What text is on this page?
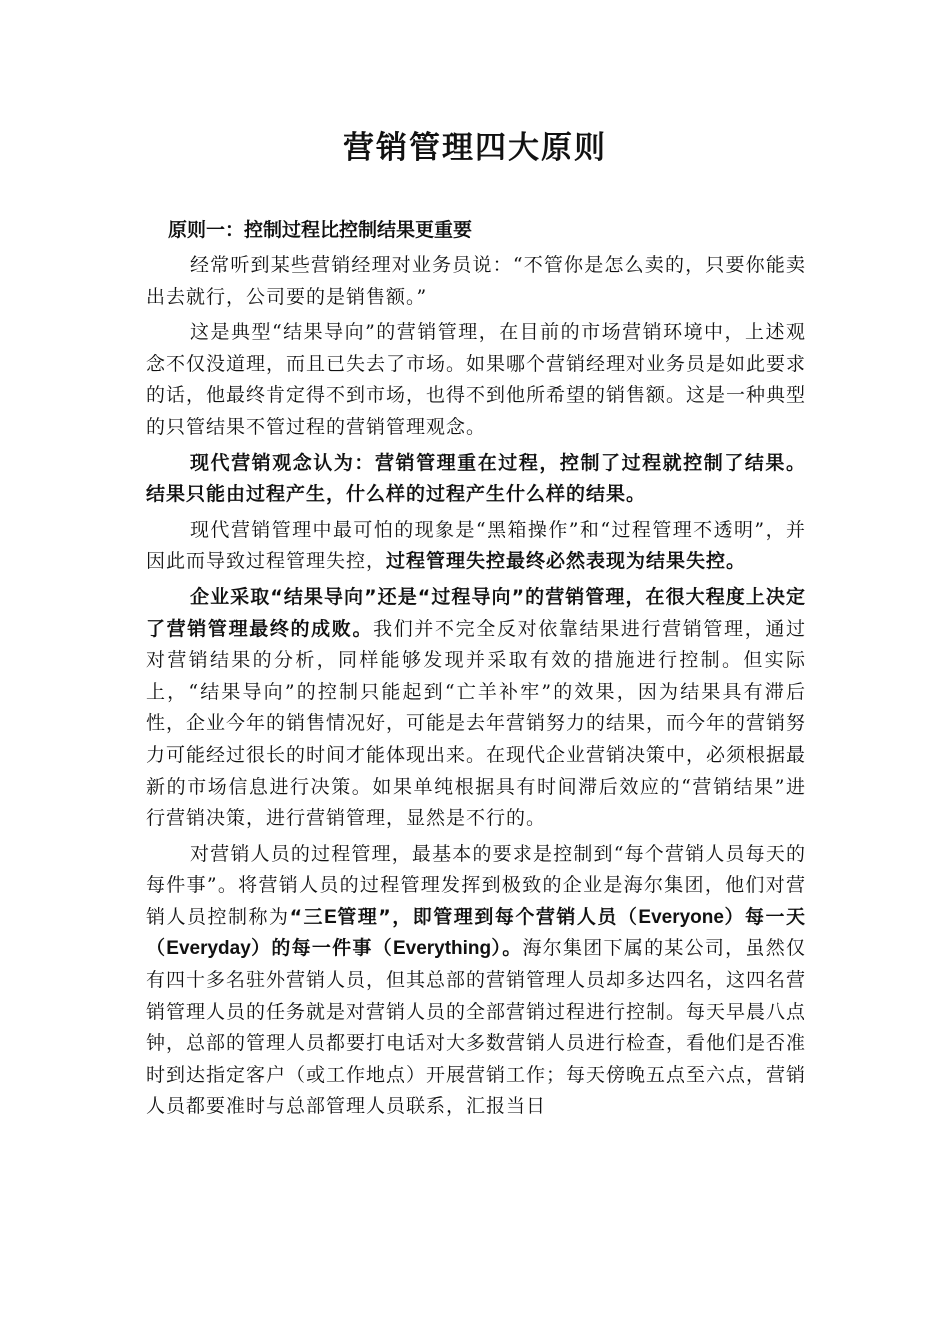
营销管理四大原则

原则一：控制过程比控制结果更重要

经常听到某些营销经理对业务员说：“不管你是怎么卖的，只要你能卖出去就行，公司要的是销售额。”

这是典型“结果导向”的营销管理，在目前的市场营销环境中，上述观念不仅没道理，而且已失去了市场。如果哪个营销经理对业务员是如此要求的话，他最终肯定得不到市场，也得不到他所希望的销售额。这是一种典型的只管结果不管过程的营销管理观念。

现代营销观念认为：营销管理重在过程，控制了过程就控制了结果。结果只能由过程产生，什么样的过程产生什么样的结果。

现代营销管理中最可怕的现象是“黑箱操作”和“过程管理不透明”，并因此而导致过程管理失控，过程管理失控最终必然表现为结果失控。

企业采取“结果导向”还是“过程导向”的营销管理，在很大程度上决定了营销管理最终的成败。我们并不完全反对依靠结果进行营销管理，通过对营销结果的分析，同样能够发现并采取有效的措施进行控制。但实际上，“结果导向”的控制只能起到“亡羊补牢”的效果，因为结果具有滞后性，企业今年的销售情况好，可能是去年营销努力的结果，而今年的营销努力可能经过很长的时间才能体现出来。在现代企业营销决策中，必须根据最新的市场信息进行决策。如果单纯根据具有时间滞后效应的“营销结果”进行营销决策，进行营销管理，显然是不行的。

对营销人员的过程管理，最基本的要求是控制到“每个营销人员每天的每件事”。将营销人员的过程管理发挥到极致的企业是海尔集团，他们对营销人员控制称为“三E管理”，即管理到每个营销人员（Everyone）每一天（Everyday）的每一件事（Everything）。海尔集团下属的某公司，虽然仅有四十多名驻外营销人员，但其总部的营销管理人员却多达四名，这四名营销管理人员的任务就是对营销人员的全部营销过程进行控制。每天早晨八点钟，总部的管理人员都要打电话对大多数营销人员进行检查，看他们是否准时到达指定客户（或工作地点）开展营销工作；每天傍晚五点至六点，营销人员都要准时与总部管理人员联系，汇报当日
